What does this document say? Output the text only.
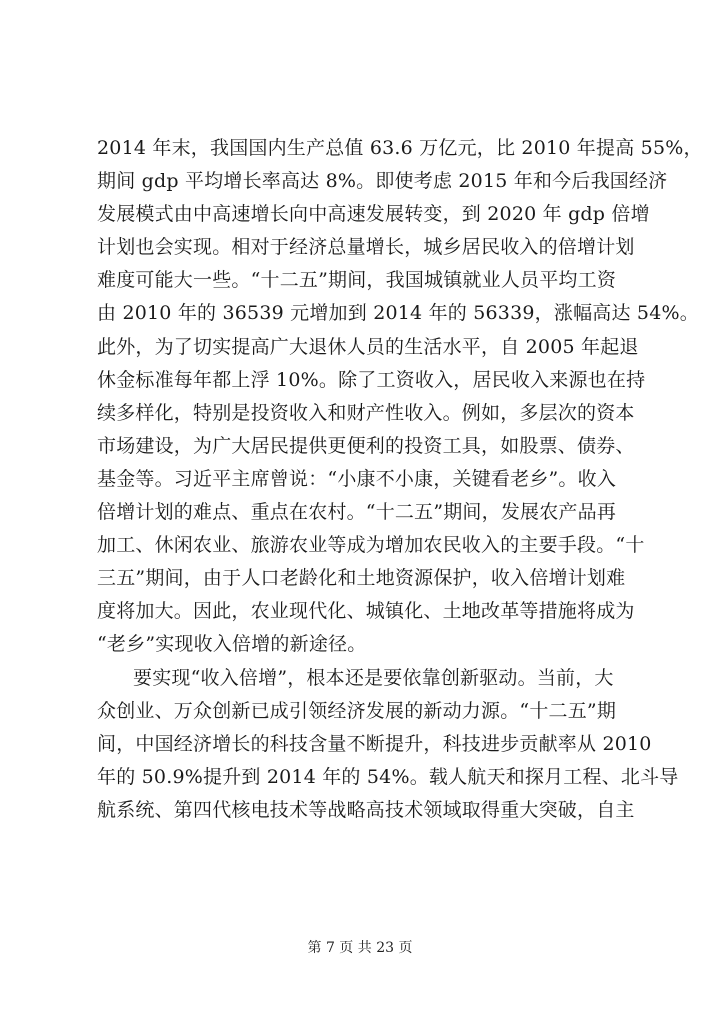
2014 年末，我国国内生产总值 63.6 万亿元，比 2010 年提高 55%，
期间 gdp 平均增长率高达 8%。即使考虑 2015 年和今后我国经济
发展模式由中高速增长向中高速发展转变，到 2020 年 gdp 倍增
计划也会实现。相对于经济总量增长，城乡居民收入的倍增计划
难度可能大一些。“十二五”期间，我国城镇就业人员平均工资
由 2010 年的 36539 元增加到 2014 年的 56339，涨幅高达 54%。
此外，为了切实提高广大退休人员的生活水平，自 2005 年起退
休金标准每年都上浮 10%。除了工资收入，居民收入来源也在持
续多样化，特别是投资收入和财产性收入。例如，多层次的资本
市场建设，为广大居民提供更便利的投资工具，如股票、债券、
基金等。习近平主席曾说：“小康不小康，关键看老乡”。收入
倍增计划的难点、重点在农村。“十二五”期间，发展农产品再
加工、休闲农业、旅游农业等成为增加农民收入的主要手段。“十
三五”期间，由于人口老龄化和土地资源保护，收入倍增计划难
度将加大。因此，农业现代化、城镇化、土地改革等措施将成为
“老乡”实现收入倍增的新途径。
要实现“收入倍增”，根本还是要依靠创新驱动。当前，大
众创业、万众创新已成引领经济发展的新动力源。“十二五”期
间，中国经济增长的科技含量不断提升，科技进步贡献率从 2010
年的 50.9%提升到 2014 年的 54%。载人航天和探月工程、北斗导
航系统、第四代核电技术等战略高技术领域取得重大突破，自主
第 7 页 共 23 页
